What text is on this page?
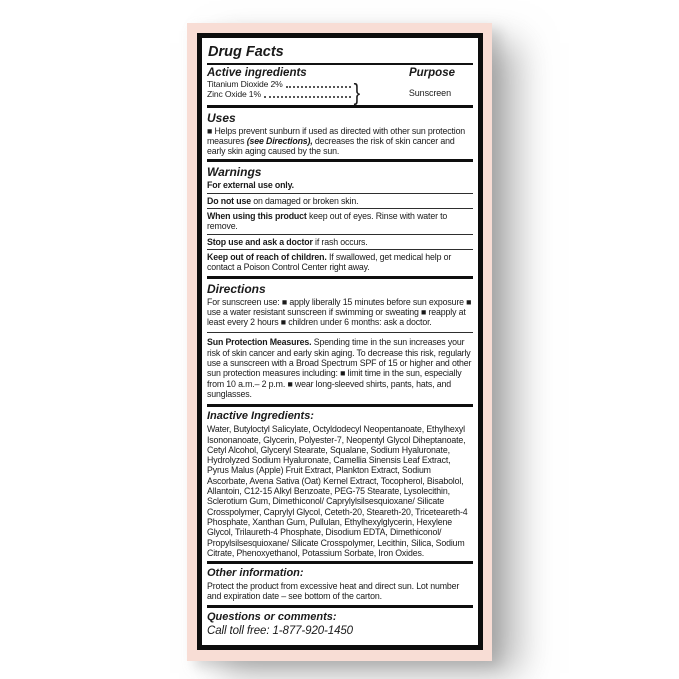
Drug Facts
Active ingredients	Purpose
Titanium Dioxide 2%
Zinc Oxide 1%	}	Sunscreen
Uses

■ Helps prevent sunburn if used as directed with other sun protection measures (see Directions), decreases the risk of skin cancer and early skin aging caused by the sun.

Warnings

For external use only.

Do not use on damaged or broken skin.

When using this product keep out of eyes. Rinse with water to remove.

Stop use and ask a doctor if rash occurs.

Keep out of reach of children. If swallowed, get medical help or contact a Poison Control Center right away.

Directions

For sunscreen use: ■ apply liberally 15 minutes before sun exposure ■ use a water resistant sunscreen if swimming or sweating ■ reapply at least every 2 hours ■ children under 6 months: ask a doctor.

Sun Protection Measures. Spending time in the sun increases your risk of skin cancer and early skin aging. To decrease this risk, regularly use a sunscreen with a Broad Spectrum SPF of 15 or higher and other sun protection measures including: ■ limit time in the sun, especially from 10 a.m.– 2 p.m. ■ wear long-sleeved shirts, pants, hats, and sunglasses.

Inactive Ingredients:

Water, Butyloctyl Salicylate, Octyldodecyl Neopentanoate, Ethylhexyl Isononanoate, Glycerin, Polyester-7, Neopentyl Glycol Diheptanoate, Cetyl Alcohol, Glyceryl Stearate, Squalane, Sodium Hyaluronate, Hydrolyzed Sodium Hyaluronate, Camellia Sinensis Leaf Extract, Pyrus Malus (Apple) Fruit Extract, Plankton Extract, Sodium Ascorbate, Avena Sativa (Oat) Kernel Extract, Tocopherol, Bisabolol, Allantoin, C12-15 Alkyl Benzoate, PEG-75 Stearate, Lysolecithin, Sclerotium Gum, Dimethiconol/ Caprylylsilsesquioxane/ Silicate Crosspolymer, Caprylyl Glycol, Ceteth-20, Steareth-20, Triceteareth-4 Phosphate, Xanthan Gum, Pullulan, Ethylhexylglycerin, Hexylene Glycol, Trilaureth-4 Phosphate, Disodium EDTA, Dimethiconol/ Propylsilsesquioxane/ Silicate Crosspolymer, Lecithin, Silica, Sodium Citrate, Phenoxyethanol, Potassium Sorbate, Iron Oxides.

Other information:

Protect the product from excessive heat and direct sun. Lot number and expiration date – see bottom of the carton.

Questions or comments:
Call toll free: 1-877-920-1450
